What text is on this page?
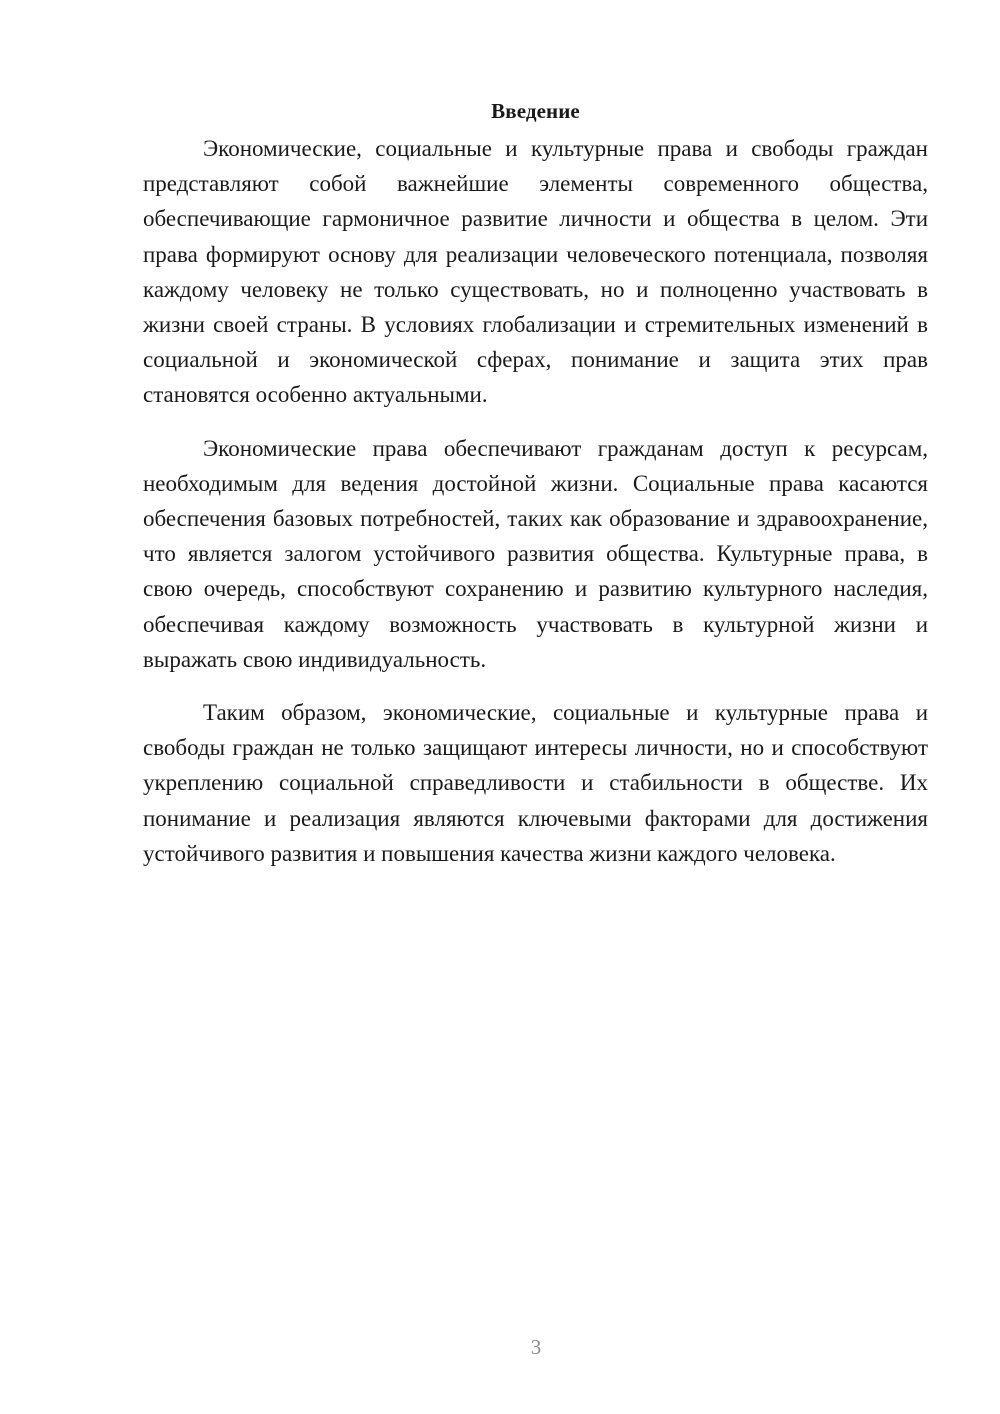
Введение

Экономические, социальные и культурные права и свободы граждан представляют собой важнейшие элементы современного общества, обеспечивающие гармоничное развитие личности и общества в целом. Эти права формируют основу для реализации человеческого потенциала, позволяя каждому человеку не только существовать, но и полноценно участвовать в жизни своей страны. В условиях глобализации и стремительных изменений в социальной и экономической сферах, понимание и защита этих прав становятся особенно актуальными.

Экономические права обеспечивают гражданам доступ к ресурсам, необходимым для ведения достойной жизни. Социальные права касаются обеспечения базовых потребностей, таких как образование и здравоохранение, что является залогом устойчивого развития общества. Культурные права, в свою очередь, способствуют сохранению и развитию культурного наследия, обеспечивая каждому возможность участвовать в культурной жизни и выражать свою индивидуальность.

Таким образом, экономические, социальные и культурные права и свободы граждан не только защищают интересы личности, но и способствуют укреплению социальной справедливости и стабильности в обществе. Их понимание и реализация являются ключевыми факторами для достижения устойчивого развития и повышения качества жизни каждого человека.

3
